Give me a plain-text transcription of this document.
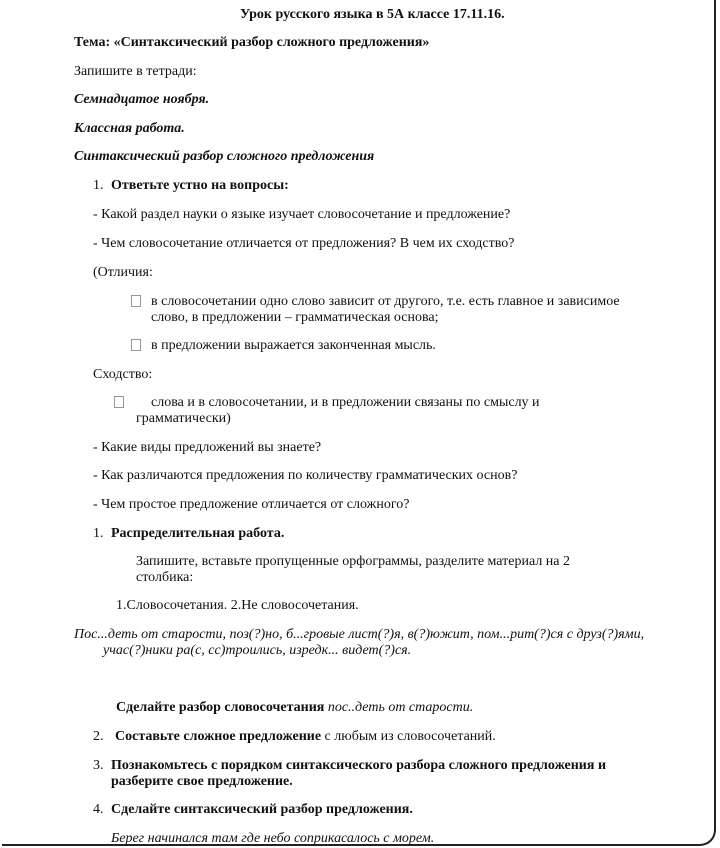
Урок русского языка в 5А классе 17.11.16.
Тема: «Синтаксический разбор сложного предложения»
Запишите в тетради:
Семнадцатое ноября.
Классная работа.
Синтаксический разбор сложного предложения
1. Ответьте устно на вопросы:
- Какой раздел науки о языке изучает словосочетание и предложение?
- Чем словосочетание отличается от предложения? В чем их сходство?
(Отличия:
в словосочетании одно слово зависит от другого, т.е. есть главное и зависимое
слово, в предложении – грамматическая основа;
в предложении выражается законченная мысль.
Сходство:
слова и в словосочетании, и в предложении связаны по смыслу и
грамматически)
- Какие виды предложений вы знаете?
- Как различаются предложения по количеству грамматических основ?
- Чем простое предложение отличается от сложного?
1. Распределительная работа.
Запишите, вставьте пропущенные орфограммы, разделите материал на 2
столбика:
1.Словосочетания. 2.Не словосочетания.
Пос...деть от старости, поз(?)но, б...гровые лист(?)я, в(?)южит, пом...рит(?)ся с друз(?)ями,
учас(?)ники ра(с, сс)троились, изредк... видет(?)ся.
Сделайте разбор словосочетания пос..деть от старости.
2. Составьте сложное предложение с любым из словосочетаний.
3. Познакомьтесь с порядком синтаксического разбора сложного предложения и
разберите свое предложение.
4. Сделайте синтаксический разбор предложения.
Берег начинался там где небо соприкасалось с морем.
